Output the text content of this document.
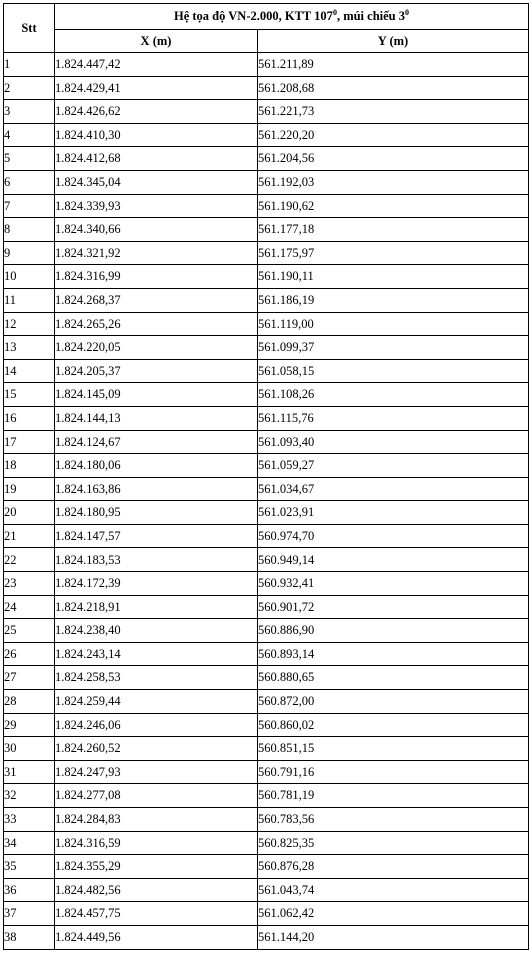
Stt	Hệ tọa độ VN-2.000, KTT $107^0$, múi chiếu $3^0$
	X (m)	Y (m)
1	1.824.447,42	561.211,89
2	1.824.429,41	561.208,68
3	1.824.426,62	561.221,73
4	1.824.410,30	561.220,20
5	1.824.412,68	561.204,56
6	1.824.345,04	561.192,03
7	1.824.339,93	561.190,62
8	1.824.340,66	561.177,18
9	1.824.321,92	561.175,97
10	1.824.316,99	561.190,11
11	1.824.268,37	561.186,19
12	1.824.265,26	561.119,00
13	1.824.220,05	561.099,37
14	1.824.205,37	561.058,15
15	1.824.145,09	561.108,26
16	1.824.144,13	561.115,76
17	1.824.124,67	561.093,40
18	1.824.180,06	561.059,27
19	1.824.163,86	561.034,67
20	1.824.180,95	561.023,91
21	1.824.147,57	560.974,70
22	1.824.183,53	560.949,14
23	1.824.172,39	560.932,41
24	1.824.218,91	560.901,72
25	1.824.238,40	560.886,90
26	1.824.243,14	560.893,14
27	1.824.258,53	560.880,65
28	1.824.259,44	560.872,00
29	1.824.246,06	560.860,02
30	1.824.260,52	560.851,15
31	1.824.247,93	560.791,16
32	1.824.277,08	560.781,19
33	1.824.284,83	560.783,56
34	1.824.316,59	560.825,35
35	1.824.355,29	560.876,28
36	1.824.482,56	561.043,74
37	1.824.457,75	561.062,42
38	1.824.449,56	561.144,20
